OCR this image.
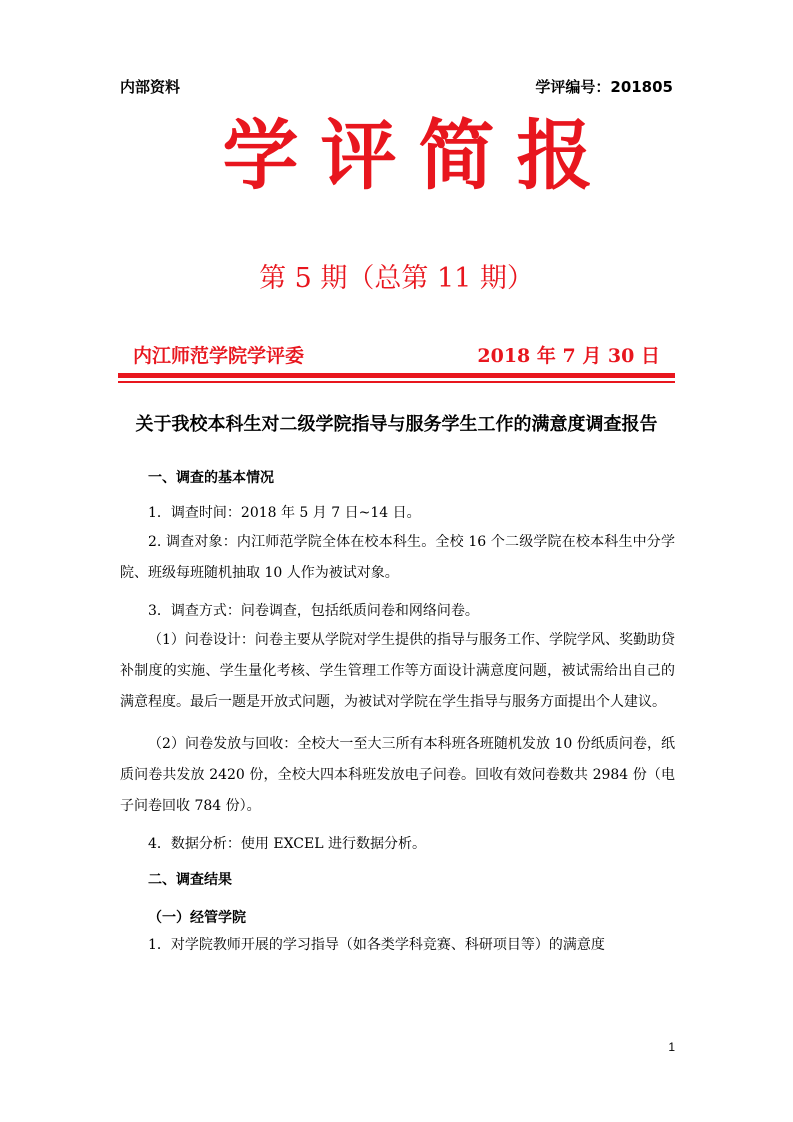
内部资料	学评编号：201805
学评简报
第 5 期（总第 11 期）
内江师范学院学评委	2018 年 7 月 30 日
关于我校本科生对二级学院指导与服务学生工作的满意度调查报告
一、调查的基本情况
1．调查时间：2018 年 5 月 7 日~14 日。
2. 调查对象：内江师范学院全体在校本科生。全校 16 个二级学院在校本科生中分学院、班级每班随机抽取 10 人作为被试对象。
3．调查方式：问卷调查，包括纸质问卷和网络问卷。
（1）问卷设计：问卷主要从学院对学生提供的指导与服务工作、学院学风、奖勤助贷补制度的实施、学生量化考核、学生管理工作等方面设计满意度问题，被试需给出自己的满意程度。最后一题是开放式问题，为被试对学院在学生指导与服务方面提出个人建议。
（2）问卷发放与回收：全校大一至大三所有本科班各班随机发放 10 份纸质问卷，纸质问卷共发放 2420 份，全校大四本科班发放电子问卷。回收有效问卷数共 2984 份（电子问卷回收 784 份）。
4．数据分析：使用 EXCEL 进行数据分析。
二、调查结果
（一）经管学院
1．对学院教师开展的学习指导（如各类学科竞赛、科研项目等）的满意度
1
